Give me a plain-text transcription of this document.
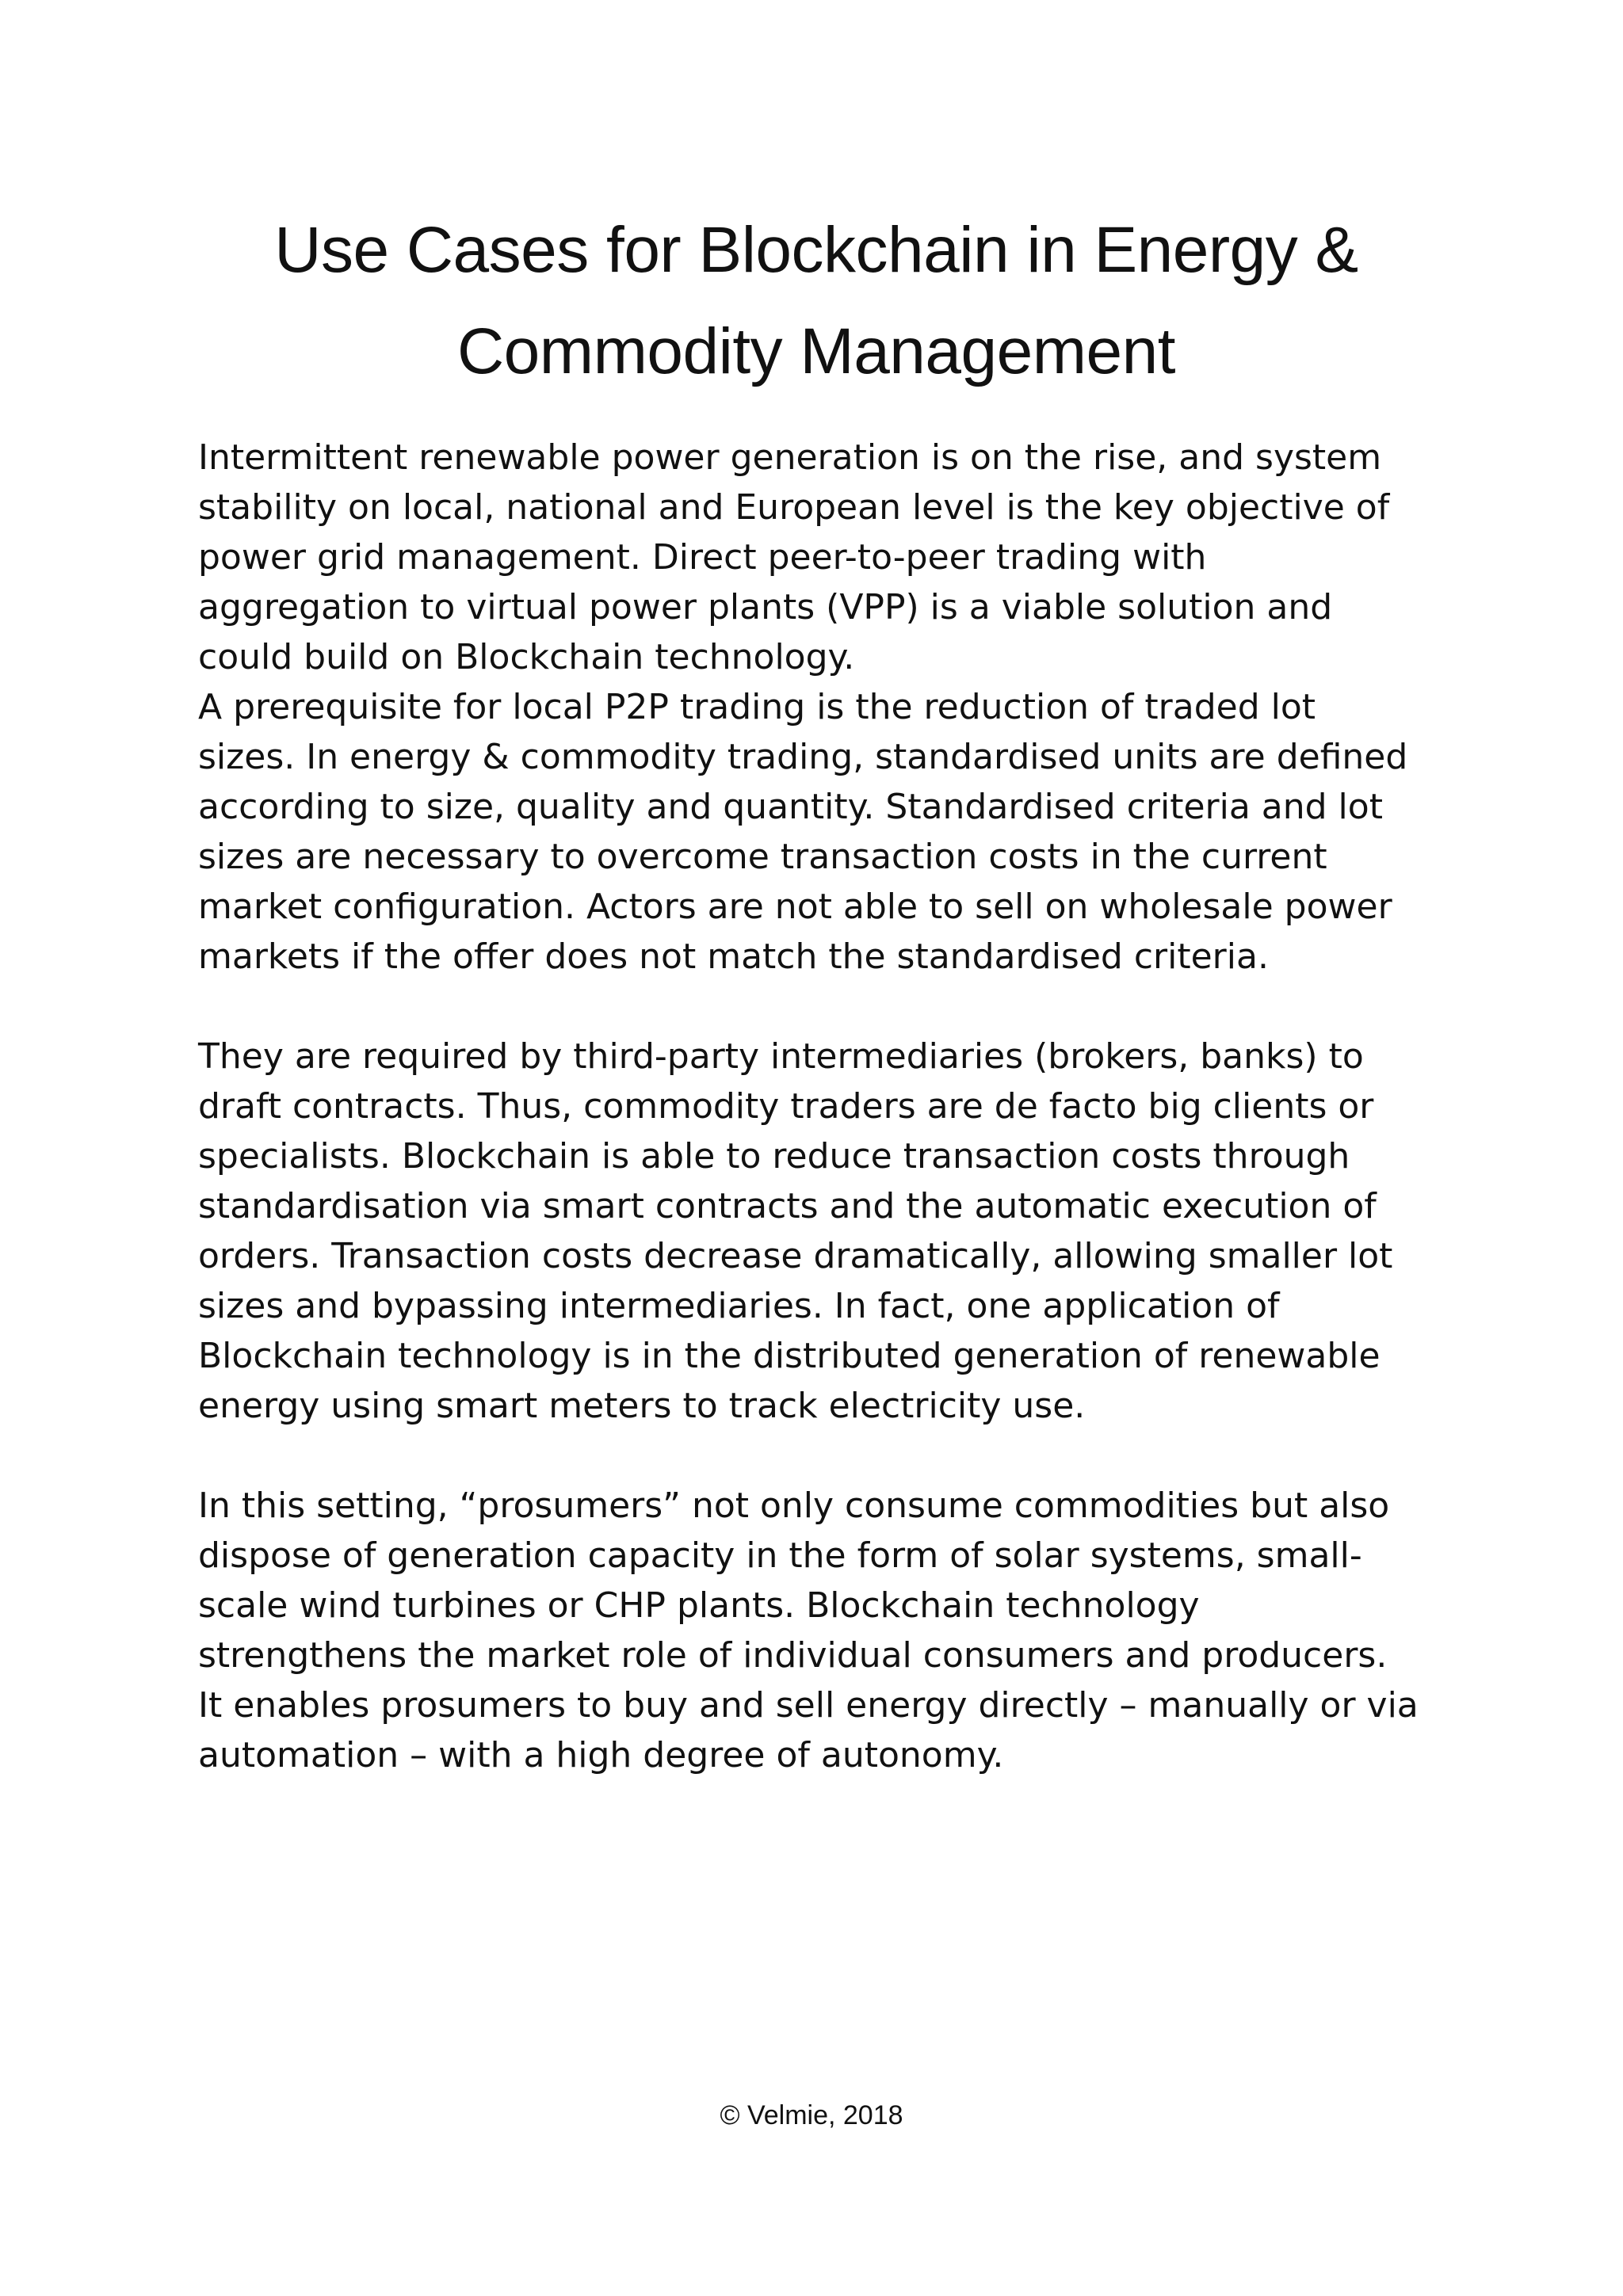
Use Cases for Blockchain in Energy &
Commodity Management

Intermittent renewable power generation is on the rise, and system
stability on local, national and European level is the key objective of
power grid management. Direct peer-to-peer trading with
aggregation to virtual power plants (VPP) is a viable solution and
could build on Blockchain technology.

A prerequisite for local P2P trading is the reduction of traded lot
sizes. In energy & commodity trading, standardised units are defined
according to size, quality and quantity. Standardised criteria and lot
sizes are necessary to overcome transaction costs in the current
market configuration. Actors are not able to sell on wholesale power
markets if the offer does not match the standardised criteria.

They are required by third-party intermediaries (brokers, banks) to
draft contracts. Thus, commodity traders are de facto big clients or
specialists. Blockchain is able to reduce transaction costs through
standardisation via smart contracts and the automatic execution of
orders. Transaction costs decrease dramatically, allowing smaller lot
sizes and bypassing intermediaries. In fact, one application of
Blockchain technology is in the distributed generation of renewable
energy using smart meters to track electricity use.

In this setting, “prosumers” not only consume commodities but also
dispose of generation capacity in the form of solar systems, small-
scale wind turbines or CHP plants. Blockchain technology
strengthens the market role of individual consumers and producers.
It enables prosumers to buy and sell energy directly – manually or via
automation – with a high degree of autonomy.

© Velmie, 2018
